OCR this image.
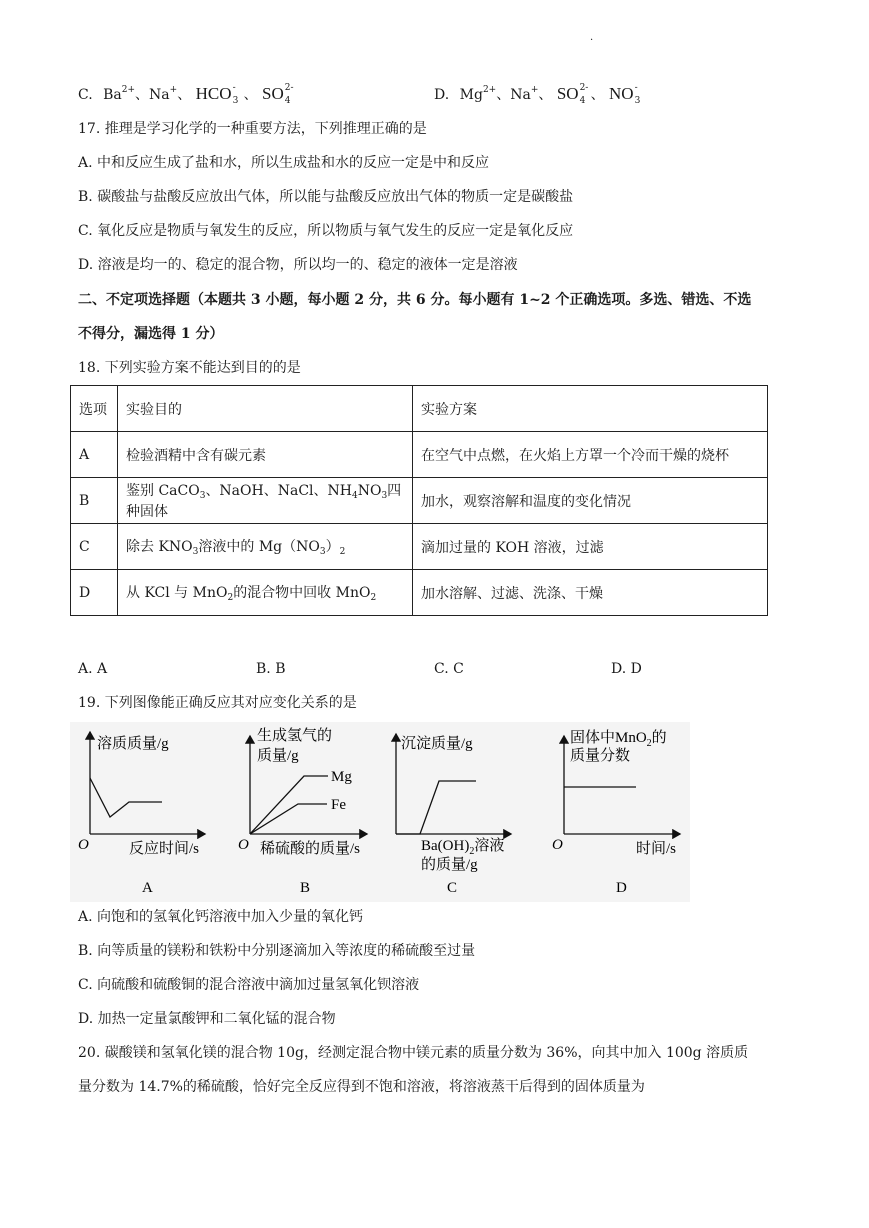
.
C. $Ba^{2+}$、Na+、 HCO -
3 、 SO 2-
4	D. $Mg^{2+}$、Na+、 SO 2-
4 、 NO -
3
17. 推理是学习化学的一种重要方法，下列推理正确的是
A. 中和反应生成了盐和水，所以生成盐和水的反应一定是中和反应
B. 碳酸盐与盐酸反应放出气体，所以能与盐酸反应放出气体的物质一定是碳酸盐
C. 氧化反应是物质与氧发生的反应，所以物质与氧气发生的反应一定是氧化反应
D. 溶液是均一的、稳定的混合物，所以均一的、稳定的液体一定是溶液
二、不定项选择题（本题共 3 小题，每小题 2 分，共 6 分。每小题有 1~2 个正确选项。多选、错选、不选
不得分，漏选得 1 分）
18. 下列实验方案不能达到目的的是
选项	实验目的	实验方案
A	检验酒精中含有碳元素	在空气中点燃，在火焰上方罩一个冷而干燥的烧杯
B	鉴别 CaCO$_3$、NaOH、NaCl、$NH_4NO_3$四种固体	加水，观察溶解和温度的变化情况
C	除去 $KNO_3$溶液中的 $Mg(NO_3)_2$	滴加过量的 KOH 溶液，过滤
D	从 KCl 与 MnO$_2$的混合物中回收 MnO$_2$	加水溶解、过滤、洗涤、干燥
A. A	B. B	C. C	D. D
19. 下列图像能正确反应其对应变化关系的是
溶质质量/g
O	反应时间/s
A
生成氢气的
质量/g
Mg
Fe
O 稀硫酸的质量/s
B
沉淀质量/g
$Ba(OH)_2$溶液
的质量/g
C
固体中MnO$_2$的
质量分数
O	时间/s
D
A. 向饱和的氢氧化钙溶液中加入少量的氧化钙
B. 向等质量的镁粉和铁粉中分别逐滴加入等浓度的稀硫酸至过量
C. 向硫酸和硫酸铜的混合溶液中滴加过量氢氧化钡溶液
D. 加热一定量氯酸钾和二氧化锰的混合物
20. 碳酸镁和氢氧化镁的混合物 10g，经测定混合物中镁元素的质量分数为 36%，向其中加入 100g 溶质质
量分数为 14.7%的稀硫酸，恰好完全反应得到不饱和溶液，将溶液蒸干后得到的固体质量为
